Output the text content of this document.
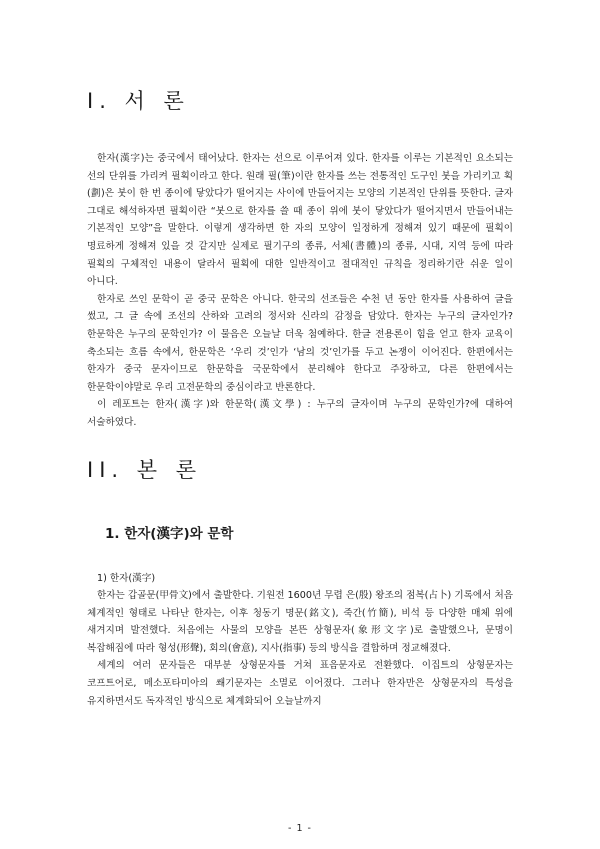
I. 서 론

한자(漢字)는 중국에서 태어났다. 한자는 선으로 이루어져 있다. 한자를 이루는 기본적인 요소되는 선의 단위를 가리켜 필획이라고 한다. 원래 필(筆)이란 한자를 쓰는 전통적인 도구인 붓을 가리키고 획(劃)은 붓이 한 번 종이에 닿았다가 떨어지는 사이에 만들어지는 모양의 기본적인 단위를 뜻한다. 글자 그대로 해석하자면 필획이란 “붓으로 한자를 쓸 때 종이 위에 붓이 닿았다가 떨어지면서 만들어내는 기본적인 모양”을 말한다. 이렇게 생각하면 한 자의 모양이 일정하게 정해져 있기 때문에 필획이 명료하게 정해져 있을 것 같지만 실제로 필기구의 종류, 서체(書體)의 종류, 시대, 지역 등에 따라 필획의 구체적인 내용이 달라서 필획에 대한 일반적이고 절대적인 규칙을 정리하기란 쉬운 일이 아니다.

한자로 쓰인 문학이 곧 중국 문학은 아니다. 한국의 선조들은 수천 년 동안 한자를 사용하여 글을 썼고, 그 글 속에 조선의 산하와 고려의 정서와 신라의 감정을 담았다. 한자는 누구의 글자인가? 한문학은 누구의 문학인가? 이 물음은 오늘날 더욱 첨예하다. 한글 전용론이 힘을 얻고 한자 교육이 축소되는 흐름 속에서, 한문학은 ‘우리 것’인가 ‘남의 것’인가를 두고 논쟁이 이어진다. 한편에서는 한자가 중국 문자이므로 한문학을 국문학에서 분리해야 한다고 주장하고, 다른 한편에서는 한문학이야말로 우리 고전문학의 중심이라고 반론한다.

이 레포트는 한자(漢字)와 한문학(漢文學) : 누구의 글자이며 누구의 문학인가?에 대하여 서술하였다.

II. 본 론
1. 한자(漢字)와 문학
1) 한자(漢字)

한자는 갑골문(甲骨文)에서 출발한다. 기원전 1600년 무렵 은(殷) 왕조의 점복(占卜) 기록에서 처음 체계적인 형태로 나타난 한자는, 이후 청동기 명문(銘文), 죽간(竹簡), 비석 등 다양한 매체 위에 새겨지며 발전했다. 처음에는 사물의 모양을 본뜬 상형문자(象形文字)로 출발했으나, 문명이 복잡해짐에 따라 형성(形聲), 회의(會意), 지사(指事) 등의 방식을 결합하며 정교해졌다.

세계의 여러 문자들은 대부분 상형문자를 거쳐 표음문자로 전환했다. 이집트의 상형문자는 코프트어로, 메소포타미아의 쐐기문자는 소멸로 이어졌다. 그러나 한자만은 상형문자의 특성을 유지하면서도 독자적인 방식으로 체계화되어 오늘날까지

- 1 -
